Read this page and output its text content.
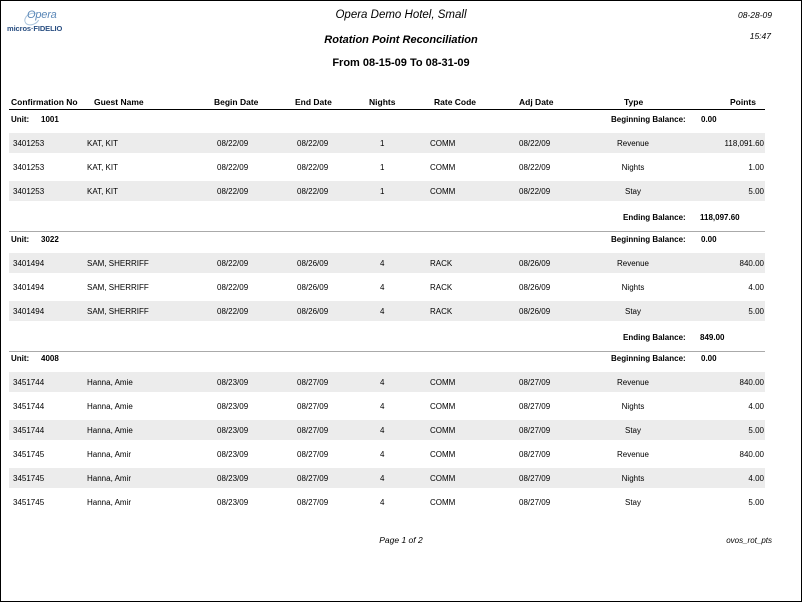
Opera
micros·FIDELIO
Opera Demo Hotel, Small
Rotation Point Reconciliation
From 08-15-09 To 08-31-09
08-28-09
15:47
Confirmation No Guest Name	Begin Date	End Date	Nights	Rate Code	Adj Date	Type	Points
Unit: 1001	Beginning Balance: 0.00
3401253	KAT, KIT	08/22/09	08/22/09	1	COMM	08/22/09	Revenue	118,091.60
3401253	KAT, KIT	08/22/09	08/22/09	1	COMM	08/22/09	Nights	1.00
3401253	KAT, KIT	08/22/09	08/22/09	1	COMM	08/22/09	Stay	5.00
Ending Balance: 118,097.60
Unit: 3022	Beginning Balance: 0.00
3401494	SAM, SHERRIFF	08/22/09	08/26/09	4	RACK	08/26/09	Revenue	840.00
3401494	SAM, SHERRIFF	08/22/09	08/26/09	4	RACK	08/26/09	Nights	4.00
3401494	SAM, SHERRIFF	08/22/09	08/26/09	4	RACK	08/26/09	Stay	5.00
Ending Balance: 849.00
Unit: 4008	Beginning Balance: 0.00
3451744	Hanna, Amie	08/23/09	08/27/09	4	COMM	08/27/09	Revenue	840.00
3451744	Hanna, Amie	08/23/09	08/27/09	4	COMM	08/27/09	Nights	4.00
3451744	Hanna, Amie	08/23/09	08/27/09	4	COMM	08/27/09	Stay	5.00
3451745	Hanna, Amir	08/23/09	08/27/09	4	COMM	08/27/09	Revenue	840.00
3451745	Hanna, Amir	08/23/09	08/27/09	4	COMM	08/27/09	Nights	4.00
3451745	Hanna, Amir	08/23/09	08/27/09	4	COMM	08/27/09	Stay	5.00
Page 1 of 2	ovos_rot_pts
